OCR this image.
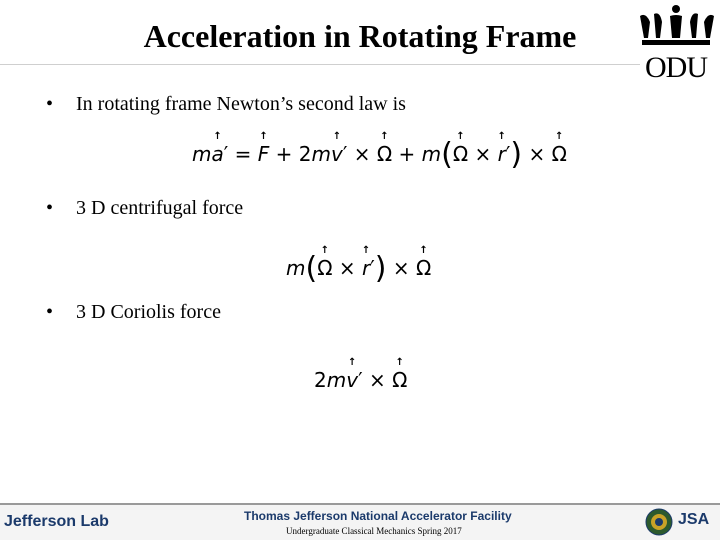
Acceleration in Rotating Frame
ODU
• In rotating frame Newton’s second law is
m
↑
a′ =
↑
F + 2m
↑
v′ ×
↑
Ω + m(
↑
Ω ×
↑
r′) ×
↑
Ω
• 3 D centrifugal force
m(
↑
Ω ×
↑
r′) ×
↑
Ω
• 3 D Coriolis force
2m
↑
v′ ×
↑
Ω
Jefferson Lab	Thomas Jefferson National Accelerator Facility
Undergraduate Classical Mechanics Spring 2017
JSA
